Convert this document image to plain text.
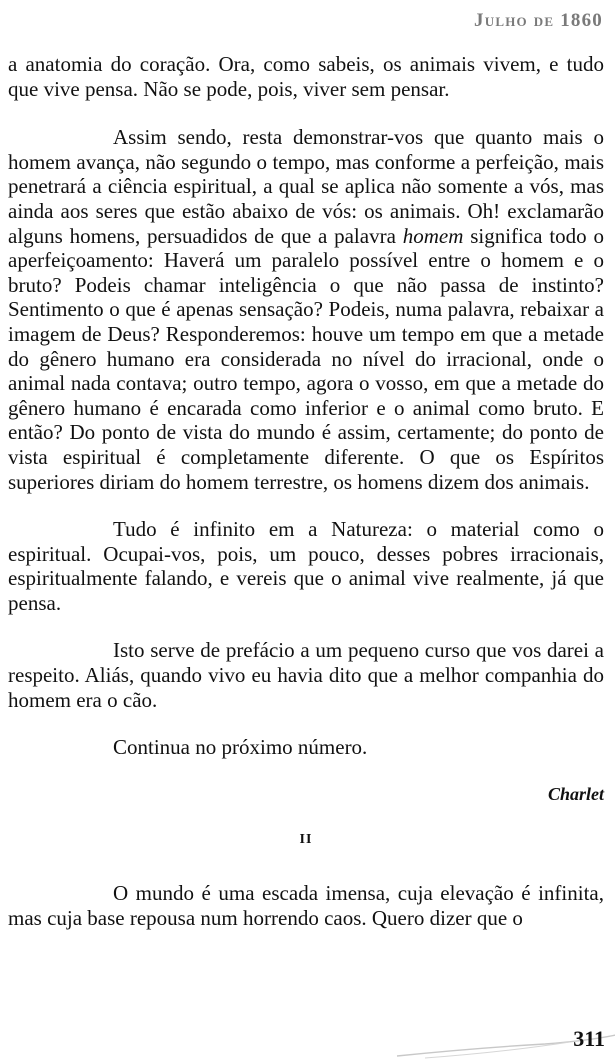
Julho de 1860

a anatomia do coração. Ora, como sabeis, os animais vivem, e tudo que vive pensa. Não se pode, pois, viver sem pensar.

Assim sendo, resta demonstrar-vos que quanto mais o homem avança, não segundo o tempo, mas conforme a perfeição, mais penetrará a ciência espiritual, a qual se aplica não somente a vós, mas ainda aos seres que estão abaixo de vós: os animais. Oh! exclamarão alguns homens, persuadidos de que a palavra homem significa todo o aperfeiçoamento: Haverá um paralelo possível entre o homem e o bruto? Podeis chamar inteligência o que não passa de instinto? Sentimento o que é apenas sensação? Podeis, numa palavra, rebaixar a imagem de Deus? Responderemos: houve um tempo em que a metade do gênero humano era considerada no nível do irracional, onde o animal nada contava; outro tempo, agora o vosso, em que a metade do gênero humano é encarada como inferior e o animal como bruto. E então? Do ponto de vista do mundo é assim, certamente; do ponto de vista espiritual é completamente diferente. O que os Espíritos superiores diriam do homem terrestre, os homens dizem dos animais.

Tudo é infinito em a Natureza: o material como o espiritual. Ocupai-vos, pois, um pouco, desses pobres irracionais, espiritualmente falando, e vereis que o animal vive realmente, já que pensa.

Isto serve de prefácio a um pequeno curso que vos darei a respeito. Aliás, quando vivo eu havia dito que a melhor companhia do homem era o cão.

Continua no próximo número.

Charlet

II

O mundo é uma escada imensa, cuja elevação é infinita, mas cuja base repousa num horrendo caos. Quero dizer que o

311
